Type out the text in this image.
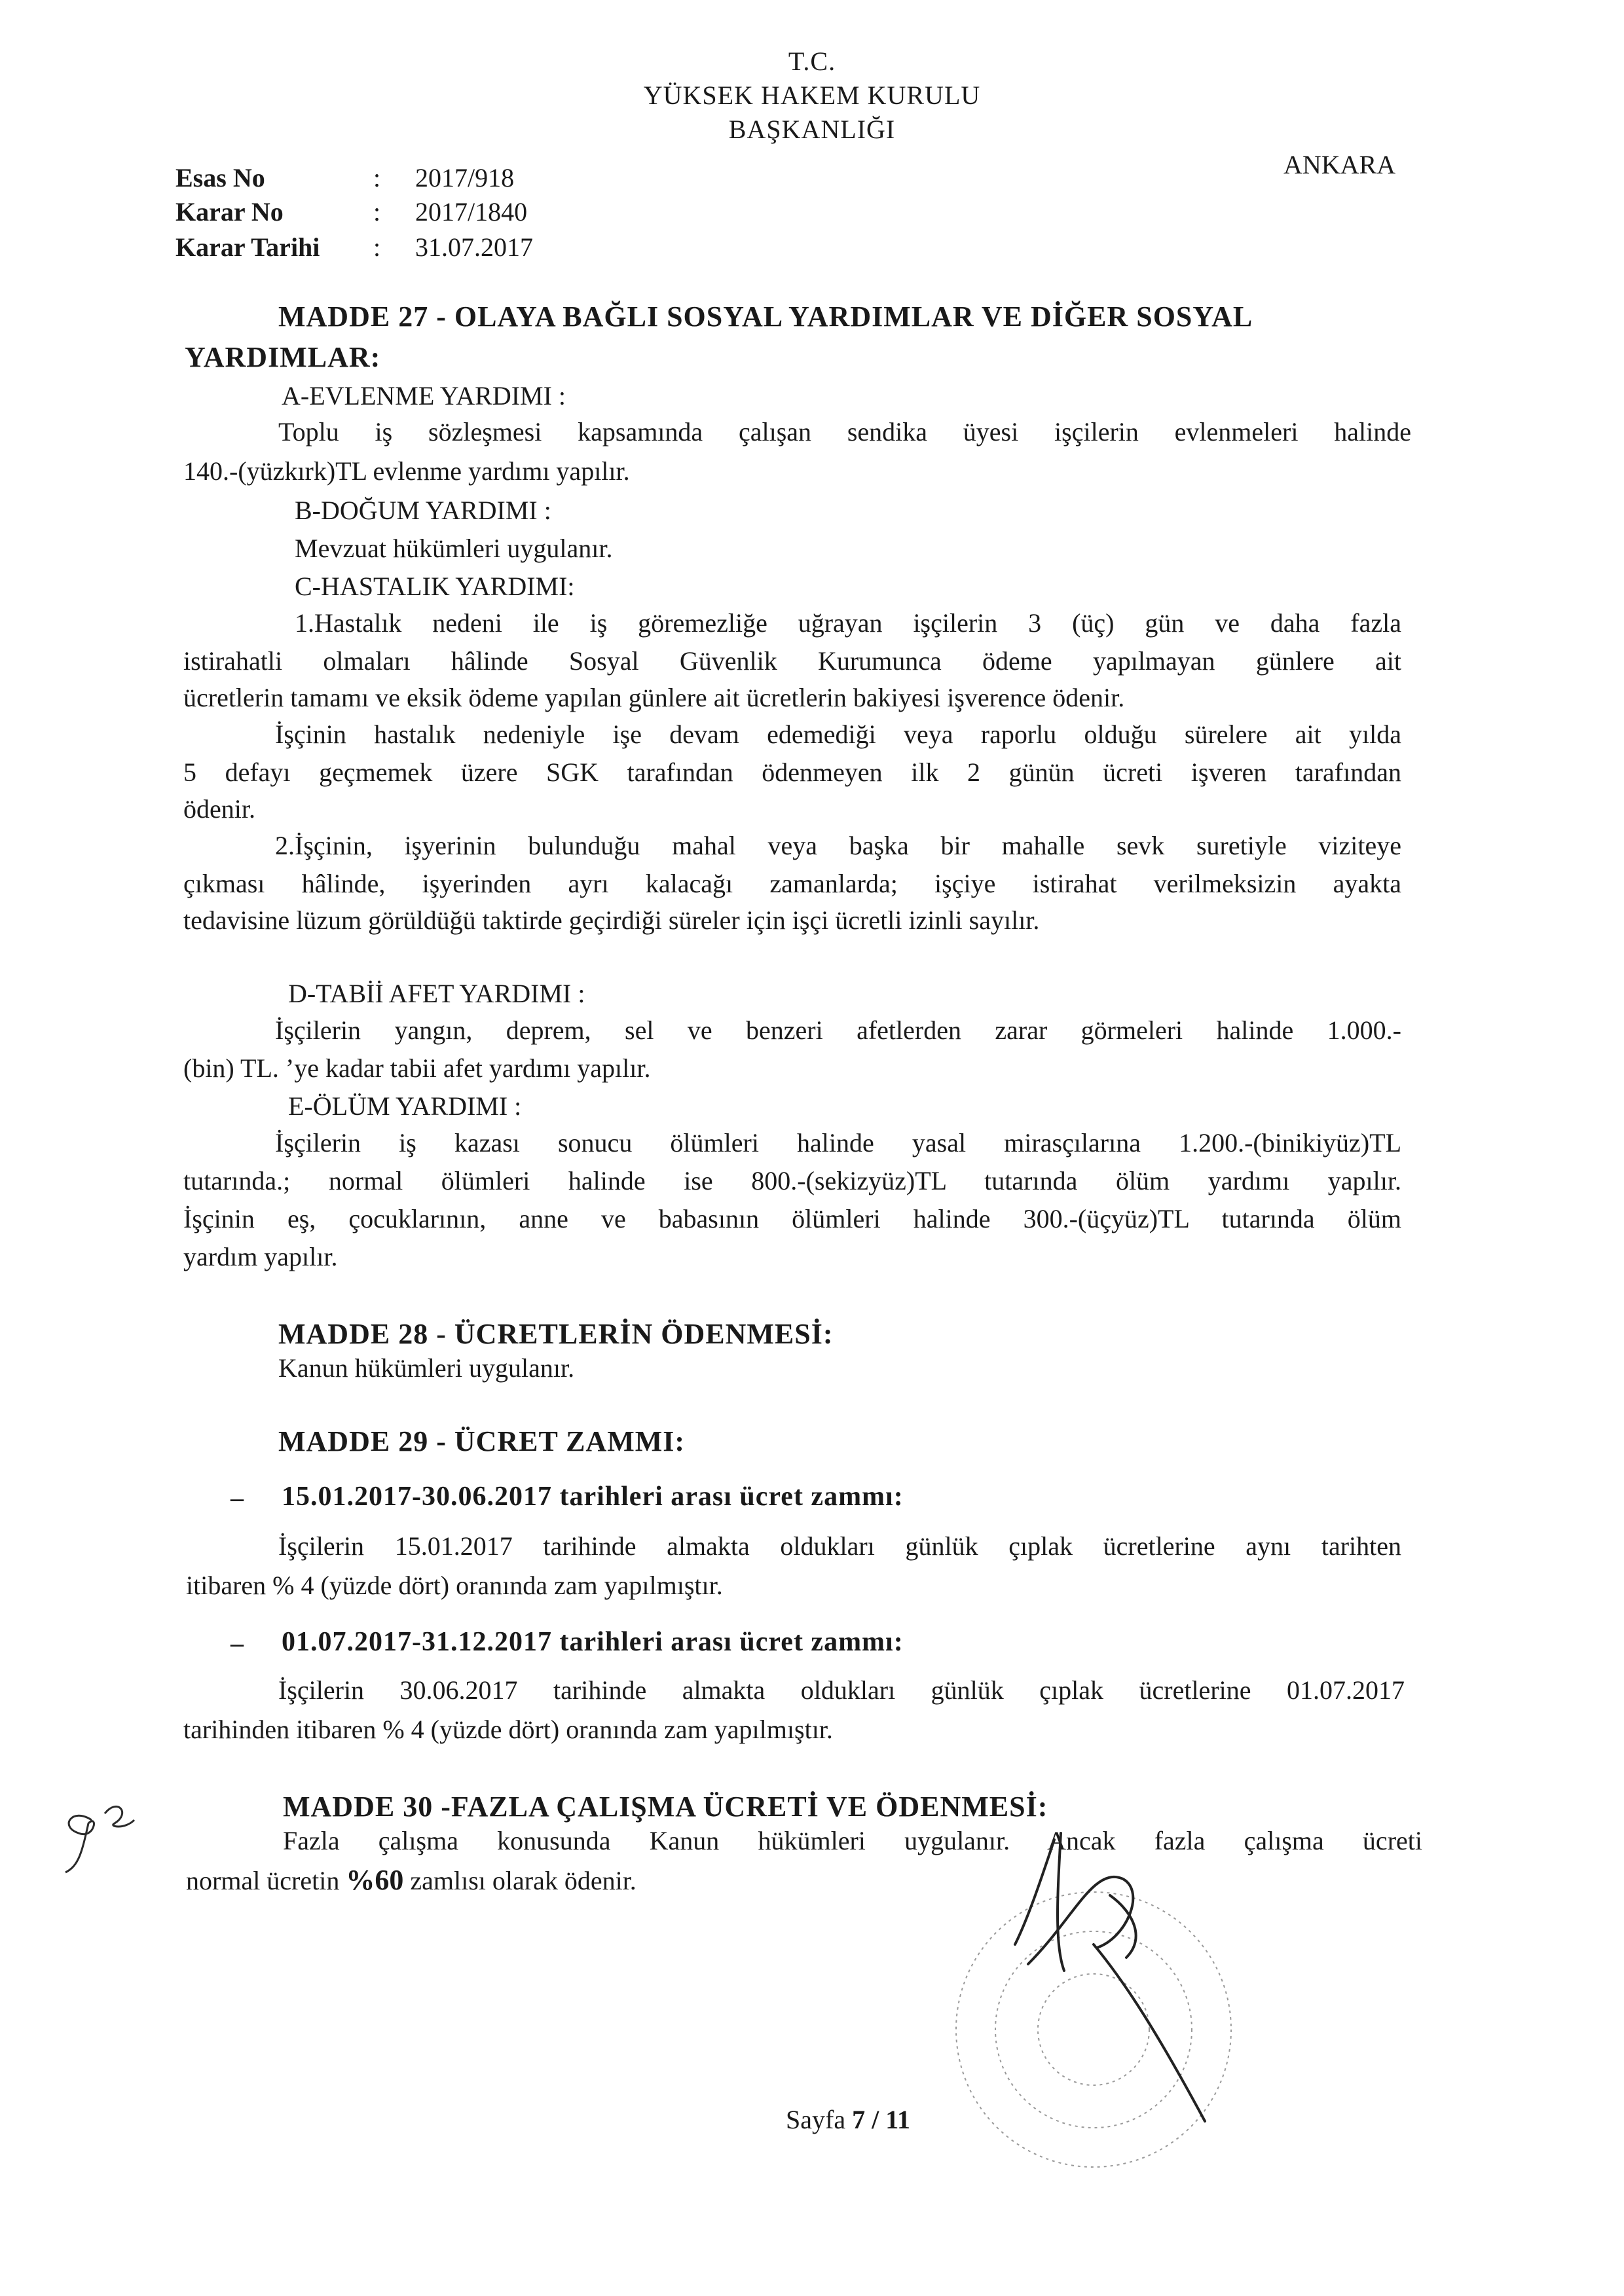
T.C.
YÜKSEK HAKEM KURULU
BAŞKANLIĞI
ANKARA
Esas No	: 2017/918
Karar No	: 2017/1840
Karar Tarihi : 31.07.2017
MADDE 27 - OLAYA BAĞLI SOSYAL YARDIMLAR VE DİĞER SOSYAL
YARDIMLAR:
A-EVLENME YARDIMI :
Toplu iş sözleşmesi kapsamında çalışan sendika üyesi işçilerin evlenmeleri halinde
140.-(yüzkırk)TL evlenme yardımı yapılır.
B-DOĞUM YARDIMI :
Mevzuat hükümleri uygulanır.
C-HASTALIK YARDIMI:
1.Hastalık nedeni ile iş göremezliğe uğrayan işçilerin 3 (üç) gün ve daha fazla
istirahatli olmaları hâlinde Sosyal Güvenlik Kurumunca ödeme yapılmayan günlere ait
ücretlerin tamamı ve eksik ödeme yapılan günlere ait ücretlerin bakiyesi işverence ödenir.
İşçinin hastalık nedeniyle işe devam edemediği veya raporlu olduğu sürelere ait yılda
5 defayı geçmemek üzere SGK tarafından ödenmeyen ilk 2 günün ücreti işveren tarafından
ödenir.
2.İşçinin, işyerinin bulunduğu mahal veya başka bir mahalle sevk suretiyle viziteye
çıkması hâlinde, işyerinden ayrı kalacağı zamanlarda; işçiye istirahat verilmeksizin ayakta
tedavisine lüzum görüldüğü taktirde geçirdiği süreler için işçi ücretli izinli sayılır.
D-TABİİ AFET YARDIMI :
İşçilerin yangın, deprem, sel ve benzeri afetlerden zarar görmeleri halinde 1.000.-
(bin) TL. ’ye kadar tabii afet yardımı yapılır.
E-ÖLÜM YARDIMI :
İşçilerin iş kazası sonucu ölümleri halinde yasal mirasçılarına 1.200.-(binikiyüz)TL
tutarında.; normal ölümleri halinde ise 800.-(sekizyüz)TL tutarında ölüm yardımı yapılır.
İşçinin eş, çocuklarının, anne ve babasının ölümleri halinde 300.-(üçyüz)TL tutarında ölüm
yardım yapılır.
MADDE 28 - ÜCRETLERİN ÖDENMESİ:
Kanun hükümleri uygulanır.
MADDE 29 - ÜCRET ZAMMI:
– 15.01.2017-30.06.2017 tarihleri arası ücret zammı:
İşçilerin 15.01.2017 tarihinde almakta oldukları günlük çıplak ücretlerine aynı tarihten
itibaren % 4 (yüzde dört) oranında zam yapılmıştır.
– 01.07.2017-31.12.2017 tarihleri arası ücret zammı:
İşçilerin 30.06.2017 tarihinde almakta oldukları günlük çıplak ücretlerine 01.07.2017
tarihinden itibaren % 4 (yüzde dört) oranında zam yapılmıştır.
MADDE 30 -FAZLA ÇALIŞMA ÜCRETİ VE ÖDENMESİ:
Fazla çalışma konusunda Kanun hükümleri uygulanır. Ancak fazla çalışma ücreti
normal ücretin %60 zamlısı olarak ödenir.
Sayfa 7 / 11
